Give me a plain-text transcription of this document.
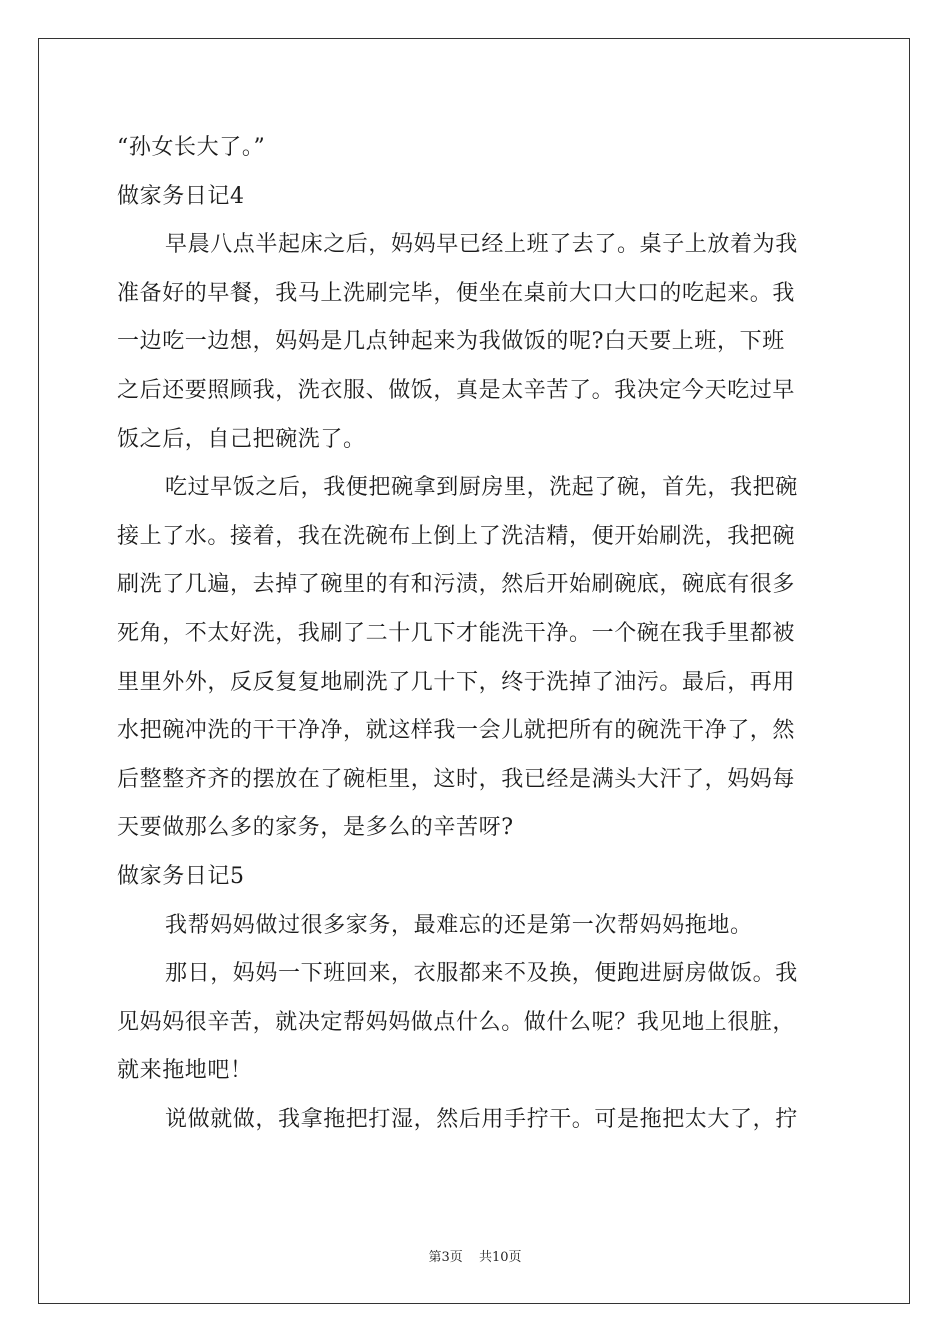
“孙女长大了。”

做家务日记4

早晨八点半起床之后，妈妈早已经上班了去了。桌子上放着为我

准备好的早餐，我马上洗刷完毕，便坐在桌前大口大口的吃起来。我

一边吃一边想，妈妈是几点钟起来为我做饭的呢?白天要上班，下班

之后还要照顾我，洗衣服、做饭，真是太辛苦了。我决定今天吃过早

饭之后，自己把碗洗了。

吃过早饭之后，我便把碗拿到厨房里，洗起了碗，首先，我把碗

接上了水。接着，我在洗碗布上倒上了洗洁精，便开始刷洗，我把碗

刷洗了几遍，去掉了碗里的有和污渍，然后开始刷碗底，碗底有很多

死角，不太好洗，我刷了二十几下才能洗干净。一个碗在我手里都被

里里外外，反反复复地刷洗了几十下，终于洗掉了油污。最后，再用

水把碗冲洗的干干净净，就这样我一会儿就把所有的碗洗干净了，然

后整整齐齐的摆放在了碗柜里，这时，我已经是满头大汗了，妈妈每

天要做那么多的家务，是多么的辛苦呀?

做家务日记5

我帮妈妈做过很多家务，最难忘的还是第一次帮妈妈拖地。

那日，妈妈一下班回来，衣服都来不及换，便跑进厨房做饭。我

见妈妈很辛苦，就决定帮妈妈做点什么。做什么呢？我见地上很脏，

就来拖地吧！

说做就做，我拿拖把打湿，然后用手拧干。可是拖把太大了，拧

第3页 共10页
